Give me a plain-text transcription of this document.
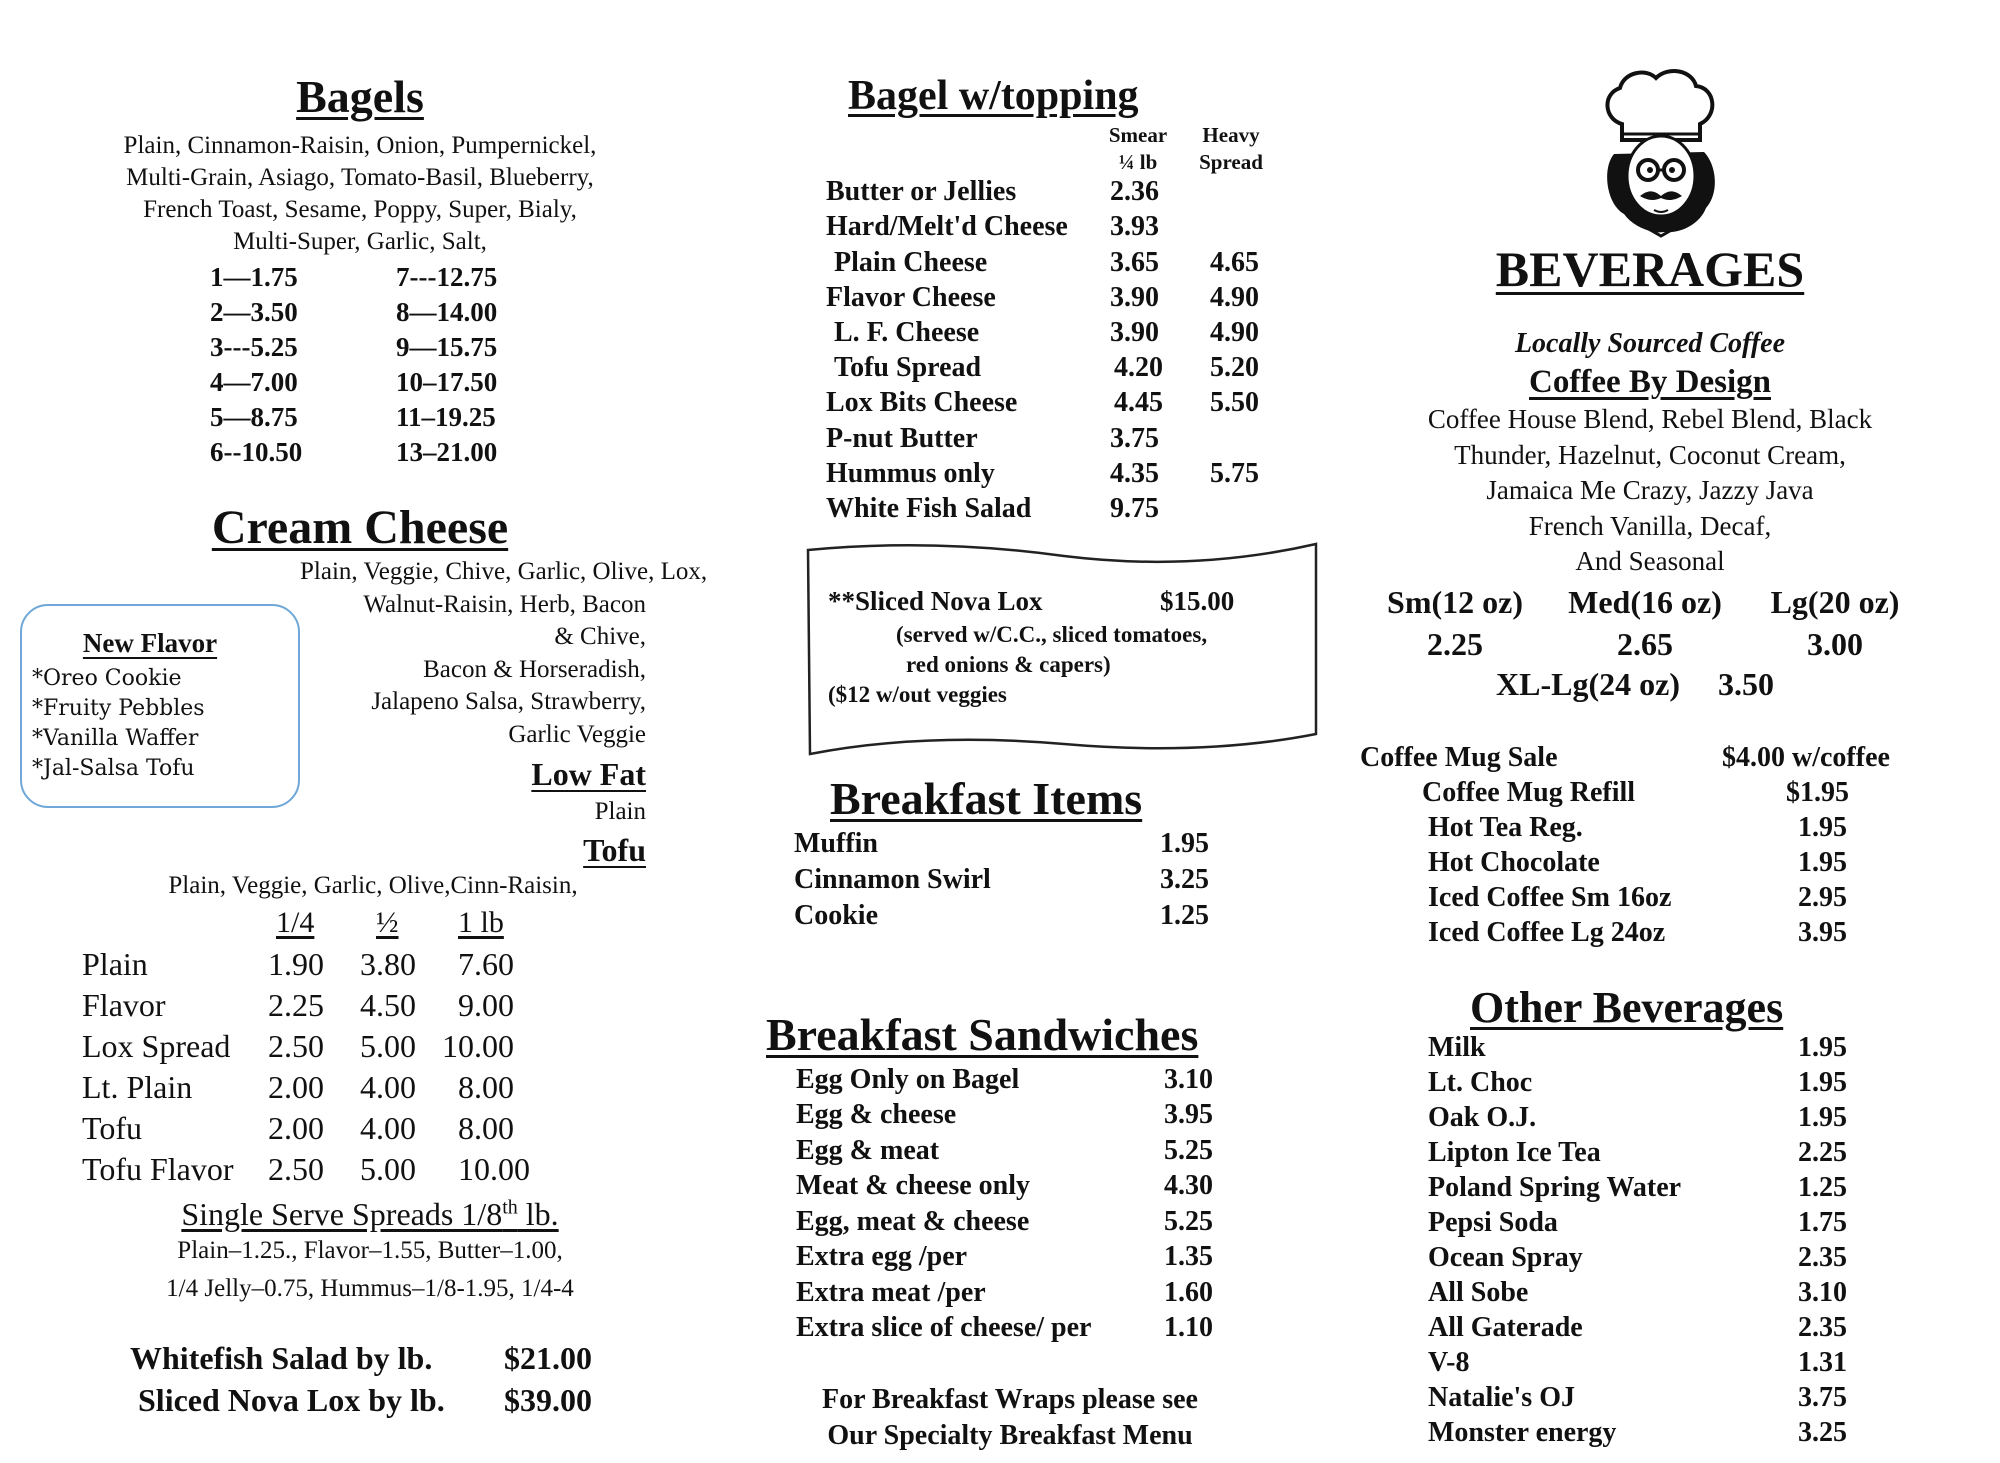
Bagels
Plain, Cinnamon-Raisin, Onion, Pumpernickel,
Multi-Grain, Asiago, Tomato-Basil, Blueberry,
French Toast, Sesame, Poppy, Super, Bialy,
Multi-Super, Garlic, Salt,
1—1.75	7---12.75
2—3.50	8—14.00
3---5.25	9—15.75
4—7.00	10–17.50
5—8.75	11–19.25
6--10.50	13–21.00
Cream Cheese
Plain, Veggie, Chive, Garlic, Olive, Lox,
Walnut-Raisin, Herb, Bacon
& Chive,
Bacon & Horseradish,
Jalapeno Salsa, Strawberry,
Garlic Veggie
New Flavor
*Oreo Cookie
*Fruity Pebbles
*Vanilla Waffer
*Jal-Salsa Tofu	Low Fat
Plain
Tofu
Plain, Veggie, Garlic, Olive,Cinn-Raisin,
1/4 ½ 1 lb
Plain	1.90 3.80 7.60
Flavor	2.25 4.50 9.00
Lox Spread 2.50 5.00 10.00
Lt. Plain 2.00 4.00 8.00
Tofu	2.00 4.00 8.00
Tofu Flavor 2.50 5.00 10.00
Single Serve Spreads 1/8th lb.
Plain–1.25., Flavor–1.55, Butter–1.00,
1/4 Jelly–0.75, Hummus–1/8-1.95, 1/4-4
Whitefish Salad by lb. $21.00
Sliced Nova Lox by lb. $39.00
Bagel w/topping
Smear
¼ lb
Heavy
Spread
Butter or Jellies	2.36
Hard/Melt'd Cheese 3.93
Plain Cheese	3.65 4.65
Flavor Cheese	3.90 4.90
L. F. Cheese	3.90 4.90
Tofu Spread	4.20 5.20
Lox Bits Cheese	4.45 5.50
P-nut Butter	3.75
Hummus only	4.35 5.75
White Fish Salad	9.75
**Sliced Nova Lox	$15.00
(served w/C.C., sliced tomatoes,
red onions & capers)
($12 w/out veggies
Breakfast Items
Muffin	1.95
Cinnamon Swirl	3.25
Cookie	1.25
Breakfast Sandwiches
Egg Only on Bagel	3.10
Egg & cheese	3.95
Egg & meat	5.25
Meat & cheese only	4.30
Egg, meat & cheese	5.25
Extra egg /per	1.35
Extra meat /per	1.60
Extra slice of cheese/ per	1.10
For Breakfast Wraps please see
Our Specialty Breakfast Menu
BEVERAGES
Locally Sourced Coffee
Coffee By Design
Coffee House Blend, Rebel Blend, Black
Thunder, Hazelnut, Coconut Cream,
Jamaica Me Crazy, Jazzy Java
French Vanilla, Decaf,
And Seasonal
Sm(12 oz)	Med(16 oz)	Lg(20 oz)
2.25	2.65	3.00
XL-Lg(24 oz) 3.50
Coffee Mug Sale	$4.00 w/coffee
Coffee Mug Refill	$1.95
Hot Tea Reg.	1.95
Hot Chocolate	1.95
Iced Coffee Sm 16oz	2.95
Iced Coffee Lg 24oz	3.95
Other Beverages
Milk	1.95
Lt. Choc	1.95
Oak O.J.	1.95
Lipton Ice Tea	2.25
Poland Spring Water	1.25
Pepsi Soda	1.75
Ocean Spray	2.35
All Sobe	3.10
All Gaterade	2.35
V-8	1.31
Natalie's OJ	3.75
Monster energy	3.25
